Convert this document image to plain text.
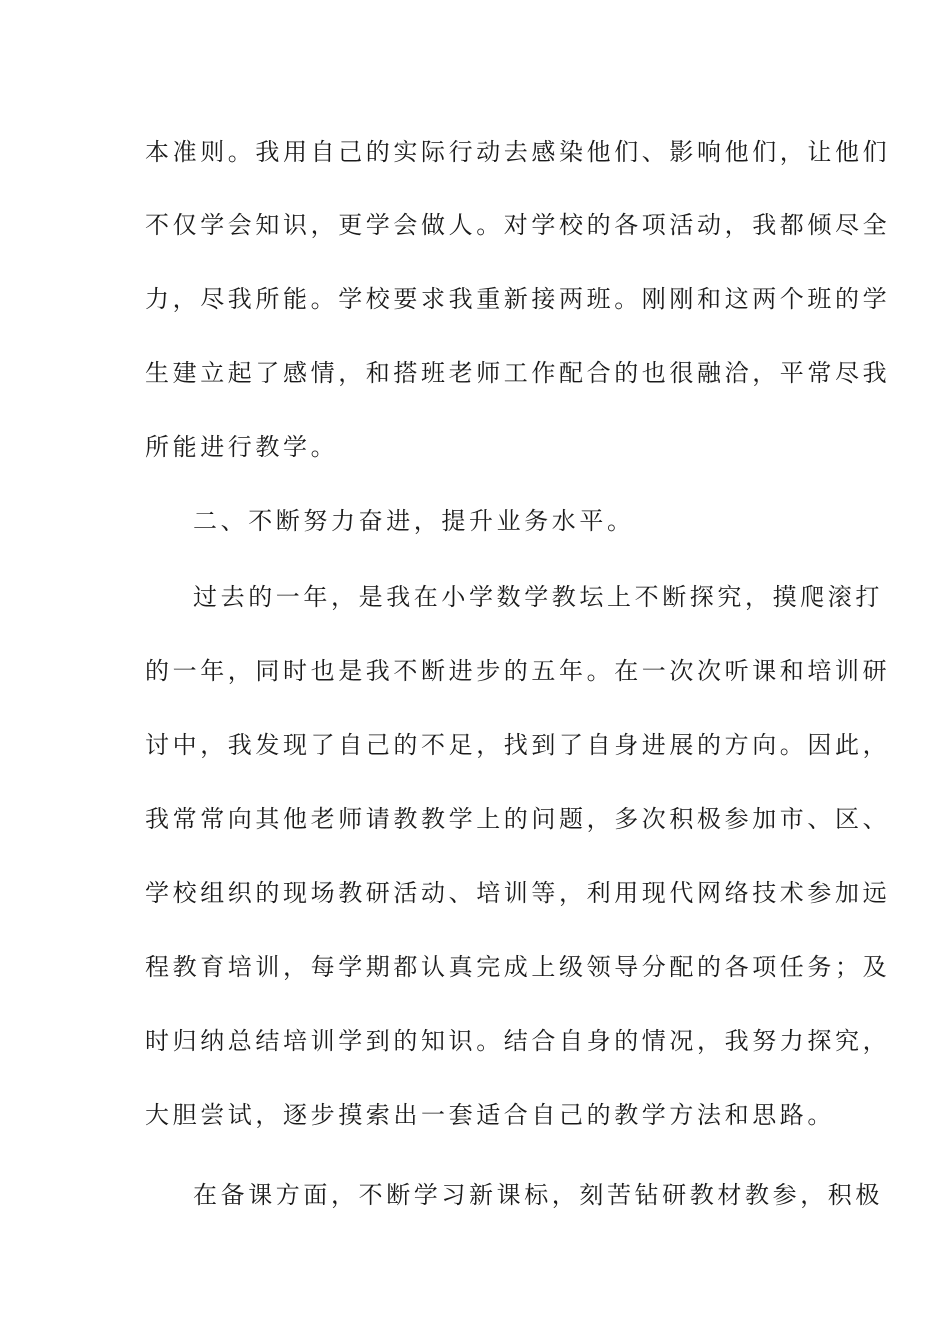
本准则。我用自己的实际行动去感染他们、影响他们，让他们
不仅学会知识，更学会做人。对学校的各项活动，我都倾尽全
力，尽我所能。学校要求我重新接两班。刚刚和这两个班的学
生建立起了感情，和搭班老师工作配合的也很融洽，平常尽我
所能进行教学。
二、不断努力奋进，提升业务水平。
过去的一年，是我在小学数学教坛上不断探究，摸爬滚打
的一年，同时也是我不断进步的五年。在一次次听课和培训研
讨中，我发现了自己的不足，找到了自身进展的方向。因此，
我常常向其他老师请教教学上的问题，多次积极参加市、区、
学校组织的现场教研活动、培训等，利用现代网络技术参加远
程教育培训，每学期都认真完成上级领导分配的各项任务；及
时归纳总结培训学到的知识。结合自身的情况，我努力探究，
大胆尝试，逐步摸索出一套适合自己的教学方法和思路。
在备课方面，不断学习新课标，刻苦钻研教材教参，积极
